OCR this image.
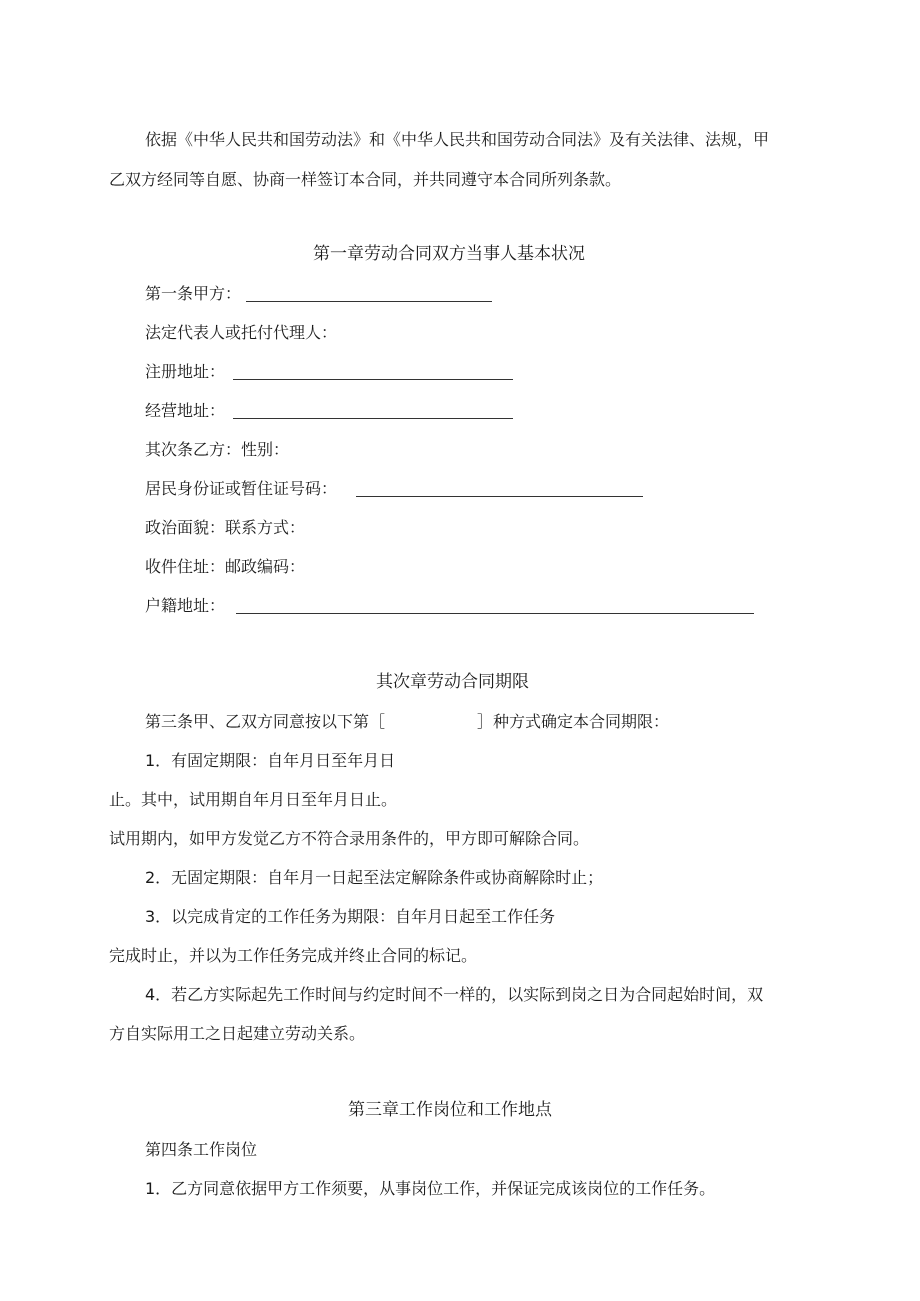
依据《中华人民共和国劳动法》和《中华人民共和国劳动合同法》及有关法律、法规，甲
乙双方经同等自愿、协商一样签订本合同，并共同遵守本合同所列条款。
第一章劳动合同双方当事人基本状况
第一条甲方：
法定代表人或托付代理人：
注册地址：
经营地址：
其次条乙方：性别：
居民身份证或暂住证号码：
政治面貌：联系方式：
收件住址：邮政编码：
户籍地址：
其次章劳动合同期限
第三条甲、乙双方同意按以下第［	］种方式确定本合同期限：
1．有固定期限：自年月日至年月日
止。其中，试用期自年月日至年月日止。
试用期内，如甲方发觉乙方不符合录用条件的，甲方即可解除合同。
2．无固定期限：自年月一日起至法定解除条件或协商解除时止；
3．以完成肯定的工作任务为期限：自年月日起至工作任务
完成时止，并以为工作任务完成并终止合同的标记。
4．若乙方实际起先工作时间与约定时间不一样的，以实际到岗之日为合同起始时间，双
方自实际用工之日起建立劳动关系。
第三章工作岗位和工作地点
第四条工作岗位
1．乙方同意依据甲方工作须要，从事岗位工作，并保证完成该岗位的工作任务。
